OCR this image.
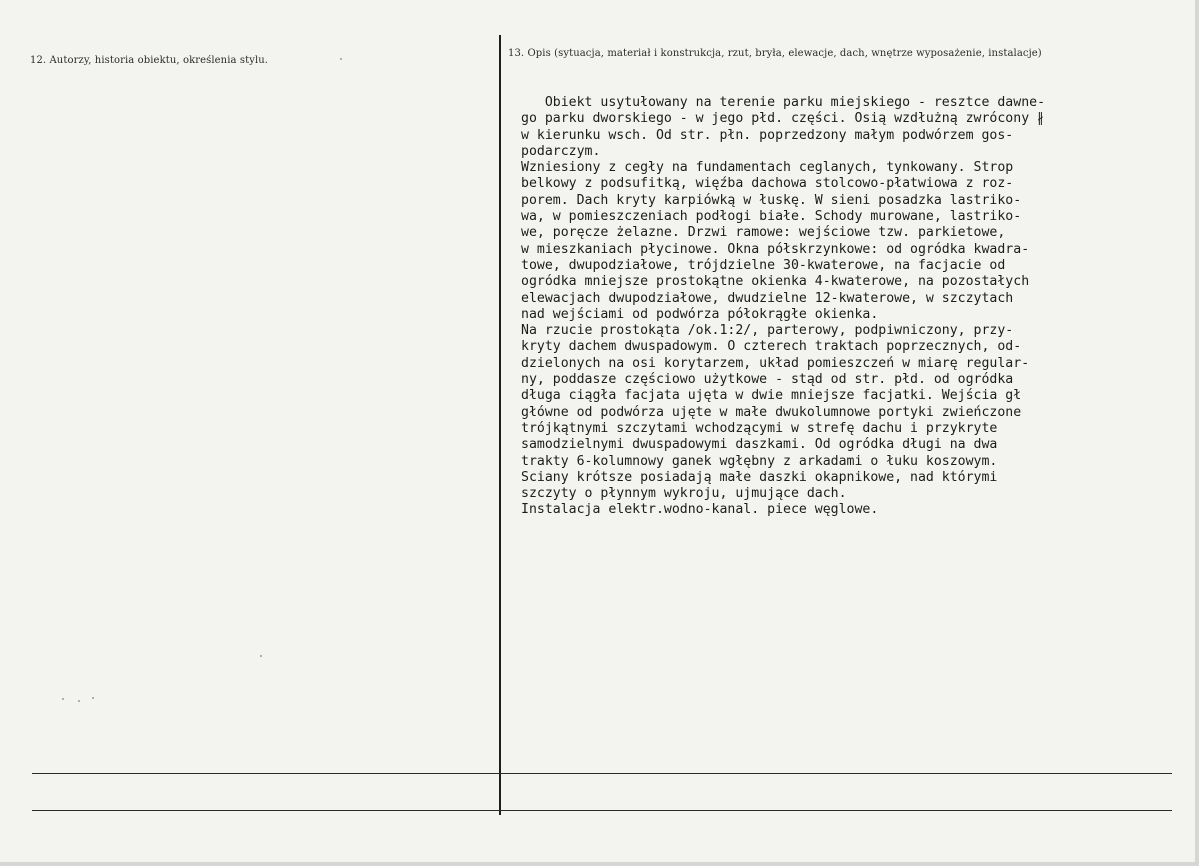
12. Autorzy, historia obiektu, określenia stylu.
13. Opis (sytuacja, materiał i konstrukcja, rzut, bryła, elewacje, dach, wnętrze wyposażenie, instalacje)
Obiekt usytułowany na terenie parku miejskiego - resztce dawne-
go parku dworskiego - w jego płd. części. Osią wzdłużną zwrócony ∦
w kierunku wsch. Od str. płn. poprzedzony małym podwórzem gos-
podarczym.
Wzniesiony z cegły na fundamentach ceglanych, tynkowany. Strop
belkowy z podsufitką, więźba dachowa stolcowo-płatwiowa z roz-
porem. Dach kryty karpiówką w łuskę. W sieni posadzka lastriko-
wa, w pomieszczeniach podłogi białe. Schody murowane, lastriko-
we, poręcze żelazne. Drzwi ramowe: wejściowe tzw. parkietowe,
w mieszkaniach płycinowe. Okna półskrzynkowe: od ogródka kwadra-
towe, dwupodziałowe, trójdzielne 30-kwaterowe, na facjacie od
ogródka mniejsze prostokątne okienka 4-kwaterowe, na pozostałych
elewacjach dwupodziałowe, dwudzielne 12-kwaterowe, w szczytach
nad wejściami od podwórza półokrągłe okienka.
Na rzucie prostokąta /ok.1:2/, parterowy, podpiwniczony, przy-
kryty dachem dwuspadowym. O czterech traktach poprzecznych, od-
dzielonych na osi korytarzem, układ pomieszczeń w miarę regular-
ny, poddasze częściowo użytkowe - stąd od str. płd. od ogródka
długa ciągła facjata ujęta w dwie mniejsze facjatki. Wejścia gł
główne od podwórza ujęte w małe dwukolumnowe portyki zwieńczone
trójkątnymi szczytami wchodzącymi w strefę dachu i przykryte
samodzielnymi dwuspadowymi daszkami. Od ogródka długi na dwa
trakty 6-kolumnowy ganek wgłębny z arkadami o łuku koszowym.
Sciany krótsze posiadają małe daszki okapnikowe, nad którymi
szczyty o płynnym wykroju, ujmujące dach.
Instalacja elektr.wodno-kanal. piece węglowe.
